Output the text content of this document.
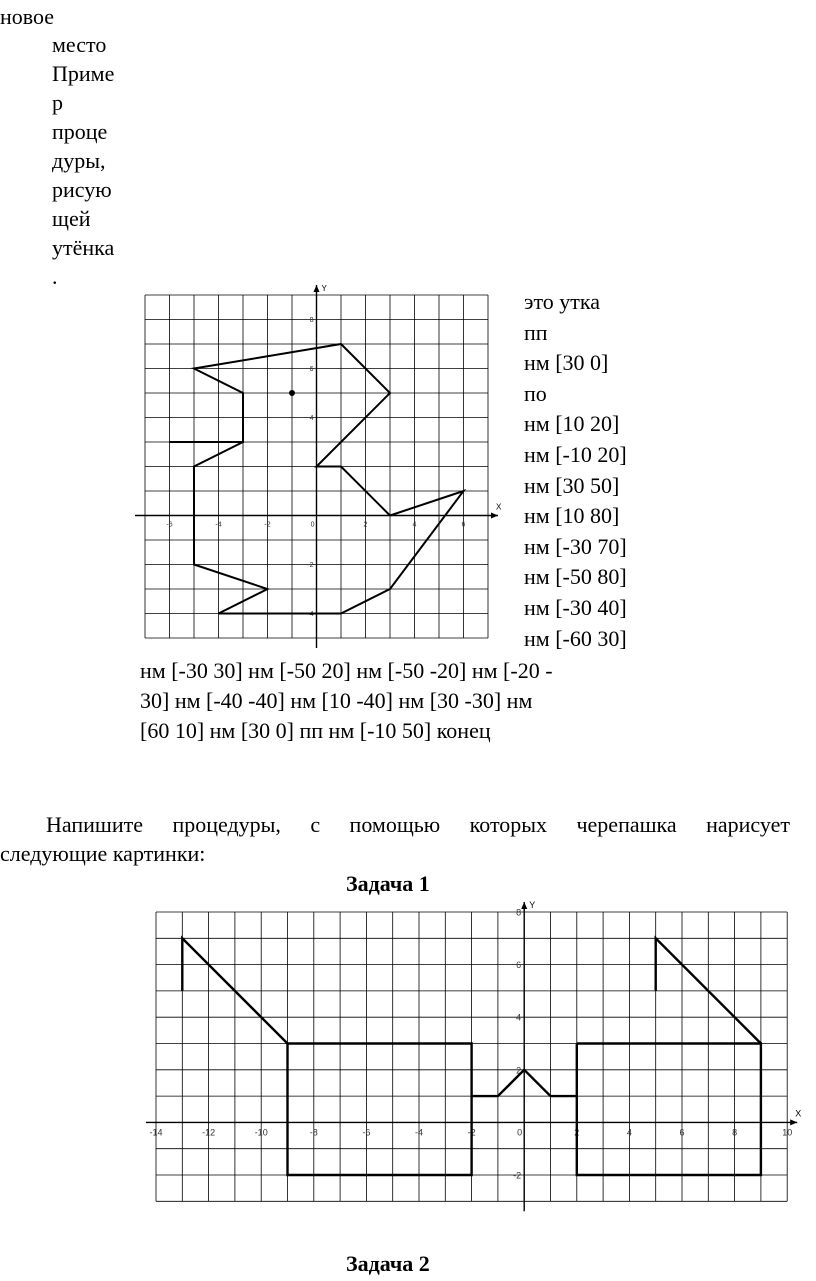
новое
место
Приме
р
проце
дуры,
рисую
щей
утёнка
.
-6	-4	-2	0	2	4	6
-4
-2
4
6
8
X
Y
это утка
пп
нм [30 0]
по
нм [10 20]
нм [-10 20]
нм [30 50]
нм [10 80]
нм [-30 70]
нм [-50 80]
нм [-30 40]
нм [-60 30]
нм [-30 30] нм [-50 20] нм [-50 -20] нм [-20 -
30] нм [-40 -40] нм [10 -40] нм [30 -30] нм
[60 10] нм [30 0] пп нм [-10 50] конец
Напишите процедуры, с помощью которых черепашка нарисует
следующие картинки:
Задача 1
-14	-12	-10	-8	-6	-4	-2	0	2	4	6	8	10
-2
2
4
6
8
X
Y
Задача 2
